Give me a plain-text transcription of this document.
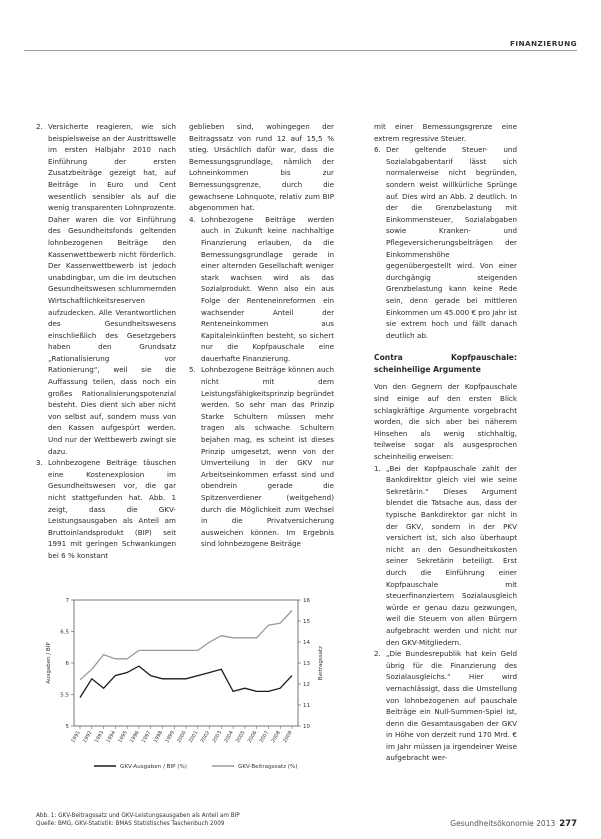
FINANZIERUNG
2. Versicherte reagieren, wie sich beispielsweise an der Austrittswelle im ersten Halbjahr 2010 nach Einführung der ersten Zusatzbeiträge gezeigt hat, auf Beiträge in Euro und Cent wesentlich sensibler als auf die wenig transparenten Lohnprozente. Daher waren die vor Einführung des Gesundheitsfonds geltenden lohnbezogenen Beiträge den Kassenwettbewerb nicht förderlich. Der Kassenwettbewerb ist jedoch unabdingbar, um die im deutschen Gesundheitswesen schlummernden Wirtschaftlichkeitsreserven aufzudecken. Alle Verantwortlichen des Gesundheitswesens einschließlich des Gesetzgebers haben den Grundsatz „Rationalisierung vor Rationierung“, weil sie die Auffassung teilen, dass noch ein großes Rationalisierungspotenzial besteht. Dies dient sich aber nicht von selbst auf, sondern muss von den Kassen aufgespürt werden. Und nur der Wettbewerb zwingt sie dazu.
3. Lohnbezogene Beiträge täuschen eine Kostenexplosion im Gesundheitswesen vor, die gar nicht stattgefunden hat. Abb. 1 zeigt, dass die GKV-Leistungsausgaben als Anteil am Bruttoinlandsprodukt (BIP) seit 1991 mit geringen Schwankungen bei 6 % konstant

geblieben sind, wohingegen der Beitragssatz von rund 12 auf 15,5 % stieg. Ursächlich dafür war, dass die Bemessungsgrundlage, nämlich der Lohneinkommen bis zur Bemessungsgrenze, durch die gewachsene Lohnquote, relativ zum BIP abgenommen hat.

4. Lohnbezogene Beiträge werden auch in Zukunft keine nachhaltige Finanzierung erlauben, da die Bemessungsgrundlage gerade in einer alternden Gesellschaft weniger stark wachsen wird als das Sozialprodukt. Wenn also ein aus Folge der Renteneinreformen ein wachsender Anteil der Renteneinkommen aus Kapitaleinkünften besteht, so sichert nur die Kopfpauschale eine dauerhafte Finanzierung.
5. Lohnbezogene Beiträge können auch nicht mit dem Leistungsfähigkeitsprinzip begründet werden. So sehr man das Prinzip Starke Schultern müssen mehr tragen als schwache Schultern bejahen mag, es scheint ist dieses Prinzip umgesetzt, wenn von der Umverteilung in der GKV nur Arbeitseinkommen erfasst sind und obendrein gerade die Spitzenverdiener (weitgehend) durch die Möglichkeit zum Wechsel in die Privatversicherung ausweichen können. Im Ergebnis sind lohnbezogene Beiträge

mit einer Bemessungsgrenze eine extrem regressive Steuer.

6. Der geltende Steuer- und Sozialabgabentarif lässt sich normalerweise nicht begründen, sondern weist willkürliche Sprünge auf. Dies wird an Abb. 2 deutlich. In der die Grenzbelastung mit Einkommensteuer, Sozialabgaben sowie Kranken- und Pflegeversicherungsbeiträgen der Einkommenshöhe gegenübergestellt wird. Von einer durchgängig steigenden Grenzbelastung kann keine Rede sein, denn gerade bei mittleren Einkommen um 45.000 € pro Jahr ist sie extrem hoch und fällt danach deutlich ab.

Contra Kopfpauschale: scheinheilige Argumente

Von den Gegnern der Kopfpauschale sind einige auf den ersten Blick schlagkräftige Argumente vorgebracht worden, die sich aber bei näherem Hinsehen als wenig stichhaltig, teilweise sogar als ausgesprochen scheinheilig erweisen:

1. „Bei der Kopfpauschale zahlt der Bankdirektor gleich viel wie seine Sekretärin.“ Dieses Argument blendet die Tatsache aus, dass der typische Bankdirektor gar nicht in der GKV, sondern in der PKV versichert ist, sich also überhaupt nicht an den Gesundheitskosten seiner Sekretärin beteiligt. Erst durch die Einführung einer Kopfpauschale mit steuerfinanziertem Sozialausgleich würde er genau dazu gezwungen, weil die Steuern von allen Bürgern aufgebracht werden und nicht nur den GKV-Mitgliedern.
2. „Die Bundesrepublik hat kein Geld übrig für die Finanzierung des Sozialausgleichs.“ Hier wird vernachlässigt, dass die Umstellung von lohnbezogenen auf pauschale Beiträge ein Null-Summen-Spiel ist, denn die Gesamtausgaben der GKV in Höhe von derzeit rund 170 Mrd. € im Jahr müssen ja irgendeiner Weise aufgebracht wer-
5
5.5
6
6.5
7
10
11
12
13
14
15
16
Ausgaben / BIP	Beitragssatz
1991 1992 1993 1994 1995 1996 1997 1998 1999 2000 2001 2002 2003 2004 2005 2006 2007 2008 2009
GKV-Ausgaben / BIP (%)	GKV-Beitragssatz (%)
Abb. 1: GKV-Beitragssatz und GKV-Leistungsausgaben als Anteil am BIP
Quelle: BMG, GKV-Statistik: BMAS Statistisches Taschenbuch 2009	Gesundheitsökonomie 2013 277
